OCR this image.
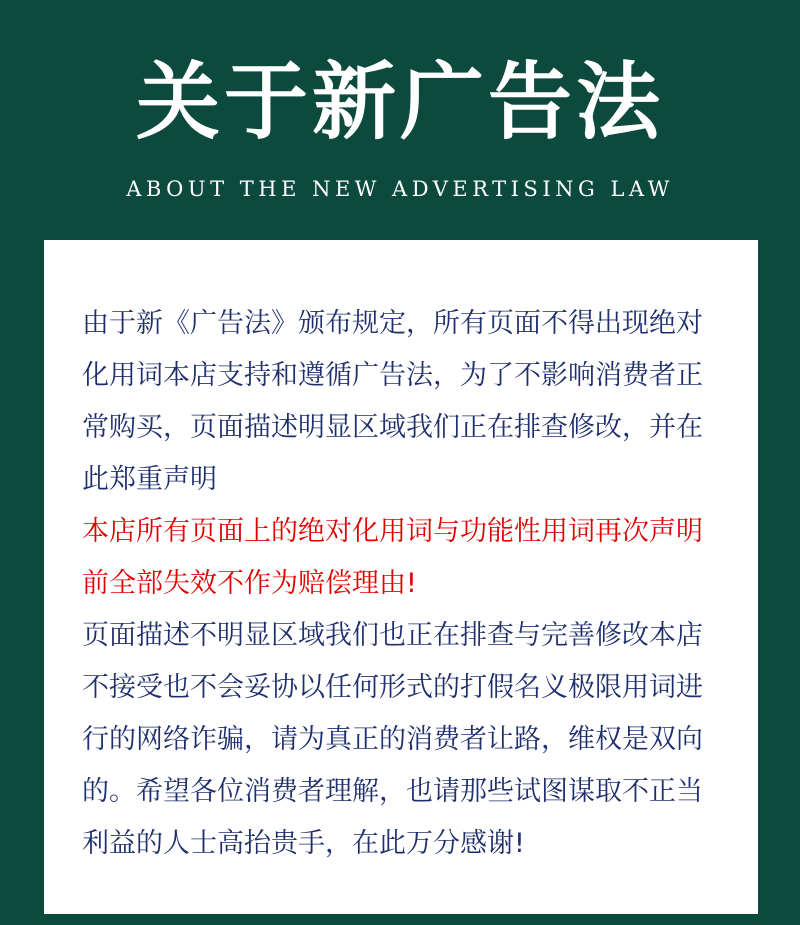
关于新广告法
ABOUT THE NEW ADVERTISING LAW

由于新《广告法》颁布规定，所有页面不得出现绝对化用词本店支持和遵循广告法，为了不影响消费者正常购买，页面描述明显区域我们正在排查修改，并在此郑重声明

本店所有页面上的绝对化用词与功能性用词再次声明前全部失效不作为赔偿理由!

页面描述不明显区域我们也正在排查与完善修改本店不接受也不会妥协以任何形式的打假名义极限用词进行的网络诈骗，请为真正的消费者让路，维权是双向的。希望各位消费者理解，也请那些试图谋取不正当利益的人士高抬贵手，在此万分感谢!
